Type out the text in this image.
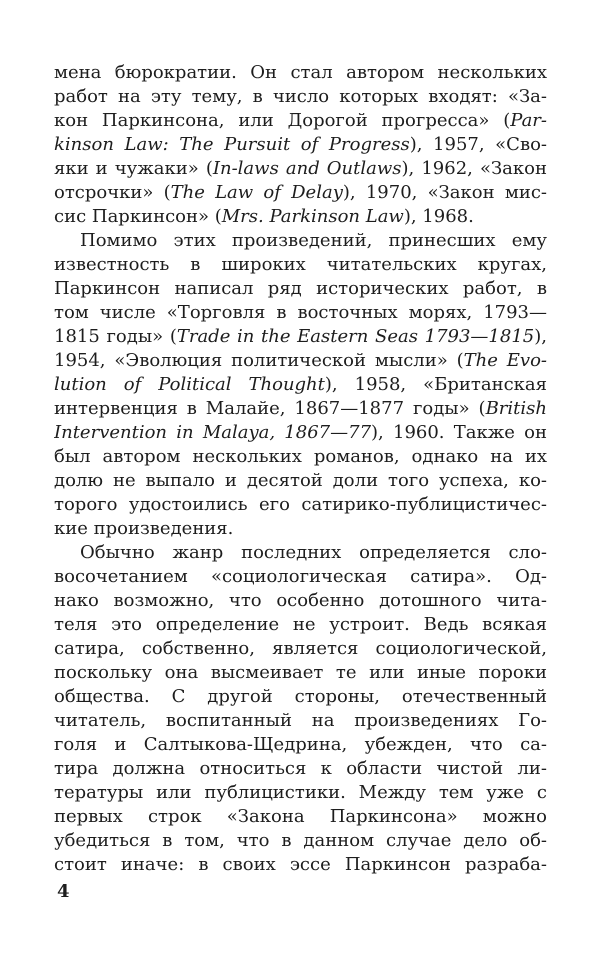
мена бюрократии. Он стал автором нескольких
работ на эту тему, в число которых входят: «За-
кон Паркинсона, или Дорогой прогресса» (Par-
kinson Law: The Pursuit of Progress), 1957, «Сво-
яки и чужаки» (In-laws and Outlaws), 1962, «Закон
отсрочки» (The Law of Delay), 1970, «Закон мис-
сис Паркинсон» (Mrs. Parkinson Law), 1968.
Помимо этих произведений, принесших ему
известность в широких читательских кругах,
Паркинсон написал ряд исторических работ, в
том числе «Торговля в восточных морях, 1793—
1815 годы» (Trade in the Eastern Seas 1793—1815),
1954, «Эволюция политической мысли» (The Evo-
lution of Political Thought), 1958, «Британская
интервенция в Малайе, 1867—1877 годы» (British
Intervention in Malaya, 1867—77), 1960. Также он
был автором нескольких романов, однако на их
долю не выпало и десятой доли того успеха, ко-
торого удостоились его сатирико-публицистичес-
кие произведения.
Обычно жанр последних определяется сло-
восочетанием «социологическая сатира». Од-
нако возможно, что особенно дотошного чита-
теля это определение не устроит. Ведь всякая
сатира, собственно, является социологической,
поскольку она высмеивает те или иные пороки
общества. С другой стороны, отечественный
читатель, воспитанный на произведениях Го-
голя и Салтыкова-Щедрина, убежден, что са-
тира должна относиться к области чистой ли-
тературы или публицистики. Между тем уже с
первых строк «Закона Паркинсона» можно
убедиться в том, что в данном случае дело об-
стоит иначе: в своих эссе Паркинсон разраба-
4
